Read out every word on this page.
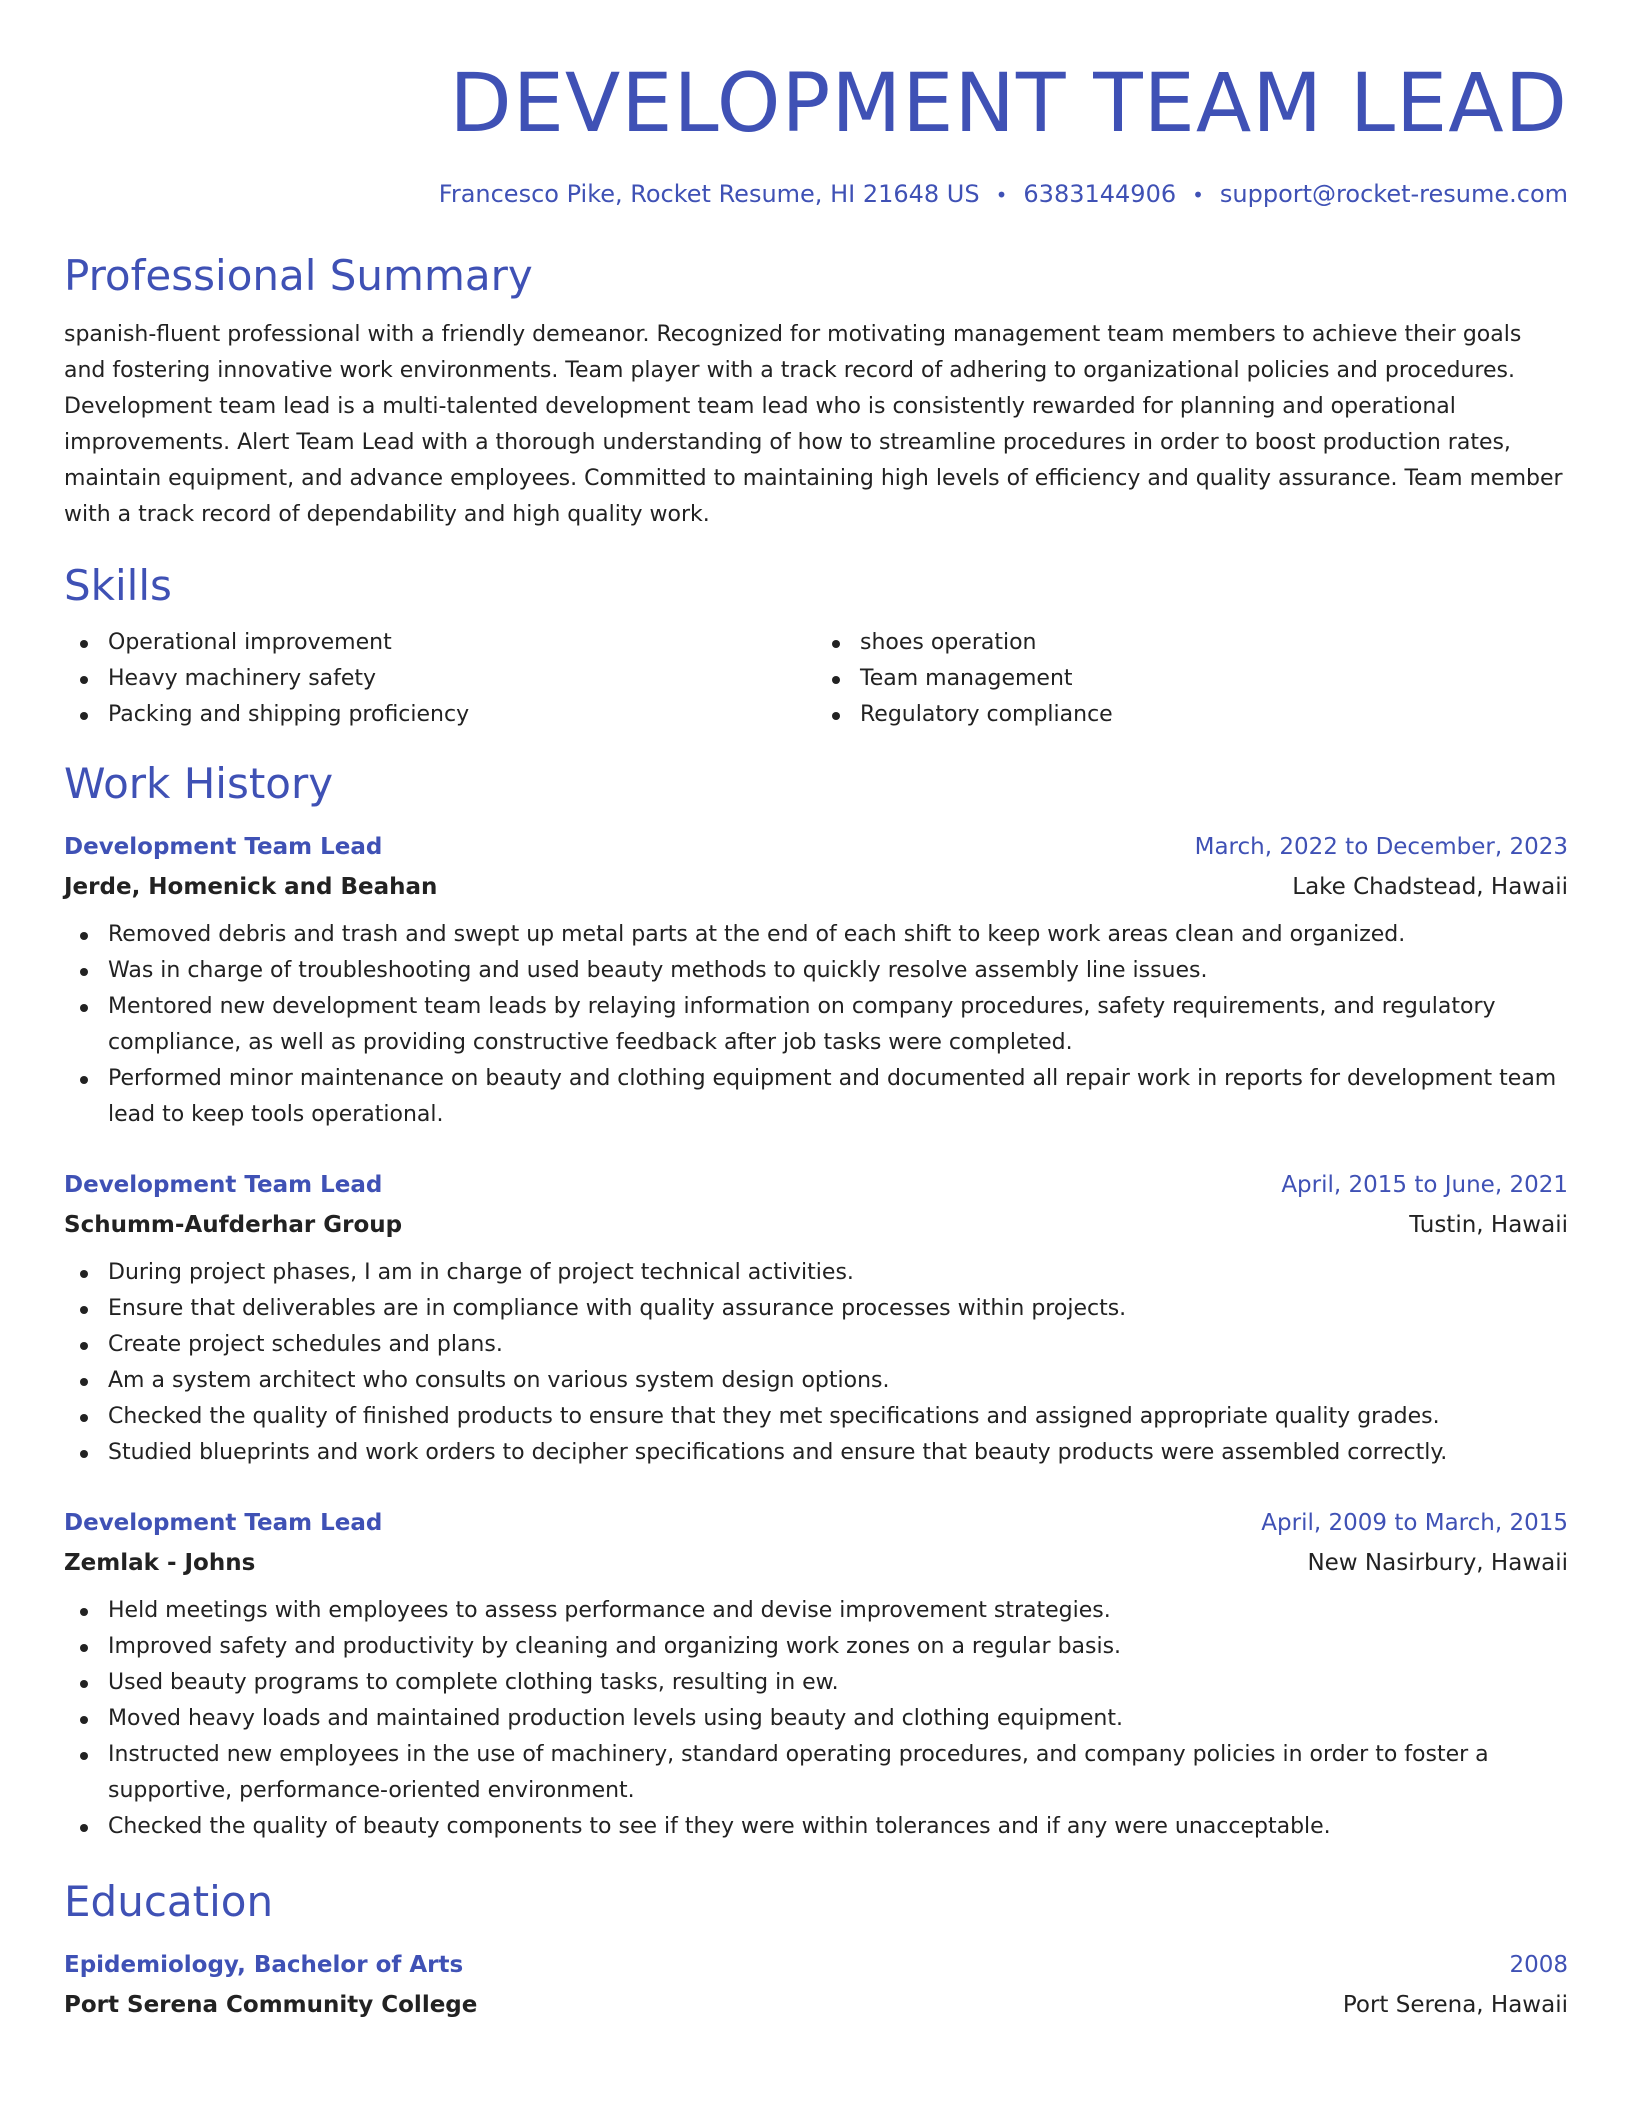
DEVELOPMENT TEAM LEAD
Francesco Pike, Rocket Resume, HI 21648 US • 6383144906 • support@rocket-resume.com
Professional Summary

spanish-fluent professional with a friendly demeanor. Recognized for motivating management team members to achieve their goals and fostering innovative work environments. Team player with a track record of adhering to organizational policies and procedures. Development team lead is a multi-talented development team lead who is consistently rewarded for planning and operational improvements. Alert Team Lead with a thorough understanding of how to streamline procedures in order to boost production rates, maintain equipment, and advance employees. Committed to maintaining high levels of efficiency and quality assurance. Team member with a track record of dependability and high quality work.

Skills
Operational improvement
Heavy machinery safety
Packing and shipping proficiency
shoes operation
Team management
Regulatory compliance
Work History
Development Team Lead	March, 2022 to December, 2023
Jerde, Homenick and Beahan	Lake Chadstead, Hawaii
Removed debris and trash and swept up metal parts at the end of each shift to keep work areas clean and organized.
Was in charge of troubleshooting and used beauty methods to quickly resolve assembly line issues.
Mentored new development team leads by relaying information on company procedures, safety requirements, and regulatory compliance, as well as providing constructive feedback after job tasks were completed.
Performed minor maintenance on beauty and clothing equipment and documented all repair work in reports for development team lead to keep tools operational.
Development Team Lead	April, 2015 to June, 2021
Schumm-Aufderhar Group	Tustin, Hawaii
During project phases, I am in charge of project technical activities.
Ensure that deliverables are in compliance with quality assurance processes within projects.
Create project schedules and plans.
Am a system architect who consults on various system design options.
Checked the quality of finished products to ensure that they met specifications and assigned appropriate quality grades.
Studied blueprints and work orders to decipher specifications and ensure that beauty products were assembled correctly.
Development Team Lead	April, 2009 to March, 2015
Zemlak - Johns	New Nasirbury, Hawaii
Held meetings with employees to assess performance and devise improvement strategies.
Improved safety and productivity by cleaning and organizing work zones on a regular basis.
Used beauty programs to complete clothing tasks, resulting in ew.
Moved heavy loads and maintained production levels using beauty and clothing equipment.
Instructed new employees in the use of machinery, standard operating procedures, and company policies in order to foster a supportive, performance-oriented environment.
Checked the quality of beauty components to see if they were within tolerances and if any were unacceptable.
Education
Epidemiology, Bachelor of Arts	2008
Port Serena Community College	Port Serena, Hawaii
